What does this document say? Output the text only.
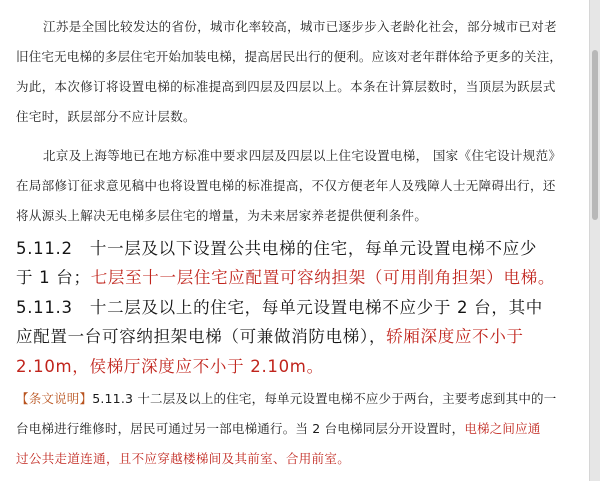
江苏是全国比较发达的省份，城市化率较高，城市已逐步步入老龄化社会，部分城市已对老
旧住宅无电梯的多层住宅开始加装电梯，提高居民出行的便利。应该对老年群体给予更多的关注，
为此，本次修订将设置电梯的标准提高到四层及四层以上。本条在计算层数时，当顶层为跃层式
住宅时，跃层部分不应计层数。
北京及上海等地已在地方标准中要求四层及四层以上住宅设置电梯， 国家《住宅设计规范》
在局部修订征求意见稿中也将设置电梯的标准提高，不仅方便老年人及残障人士无障碍出行，还
将从源头上解决无电梯多层住宅的增量，为未来居家养老提供便利条件。
5.11.2　十一层及以下设置公共电梯的住宅，每单元设置电梯不应少
于 1 台；七层至十一层住宅应配置可容纳担架（可用削角担架）电梯。
5.11.3　十二层及以上的住宅，每单元设置电梯不应少于 2 台，其中
应配置一台可容纳担架电梯（可兼做消防电梯），轿厢深度应不小于
2.10m，侯梯厅深度应不小于 2.10m。
【条文说明】5.11.3 十二层及以上的住宅，每单元设置电梯不应少于两台，主要考虑到其中的一
台电梯进行维修时，居民可通过另一部电梯通行。当 2 台电梯同层分开设置时，电梯之间应通
过公共走道连通，且不应穿越楼梯间及其前室、合用前室。
